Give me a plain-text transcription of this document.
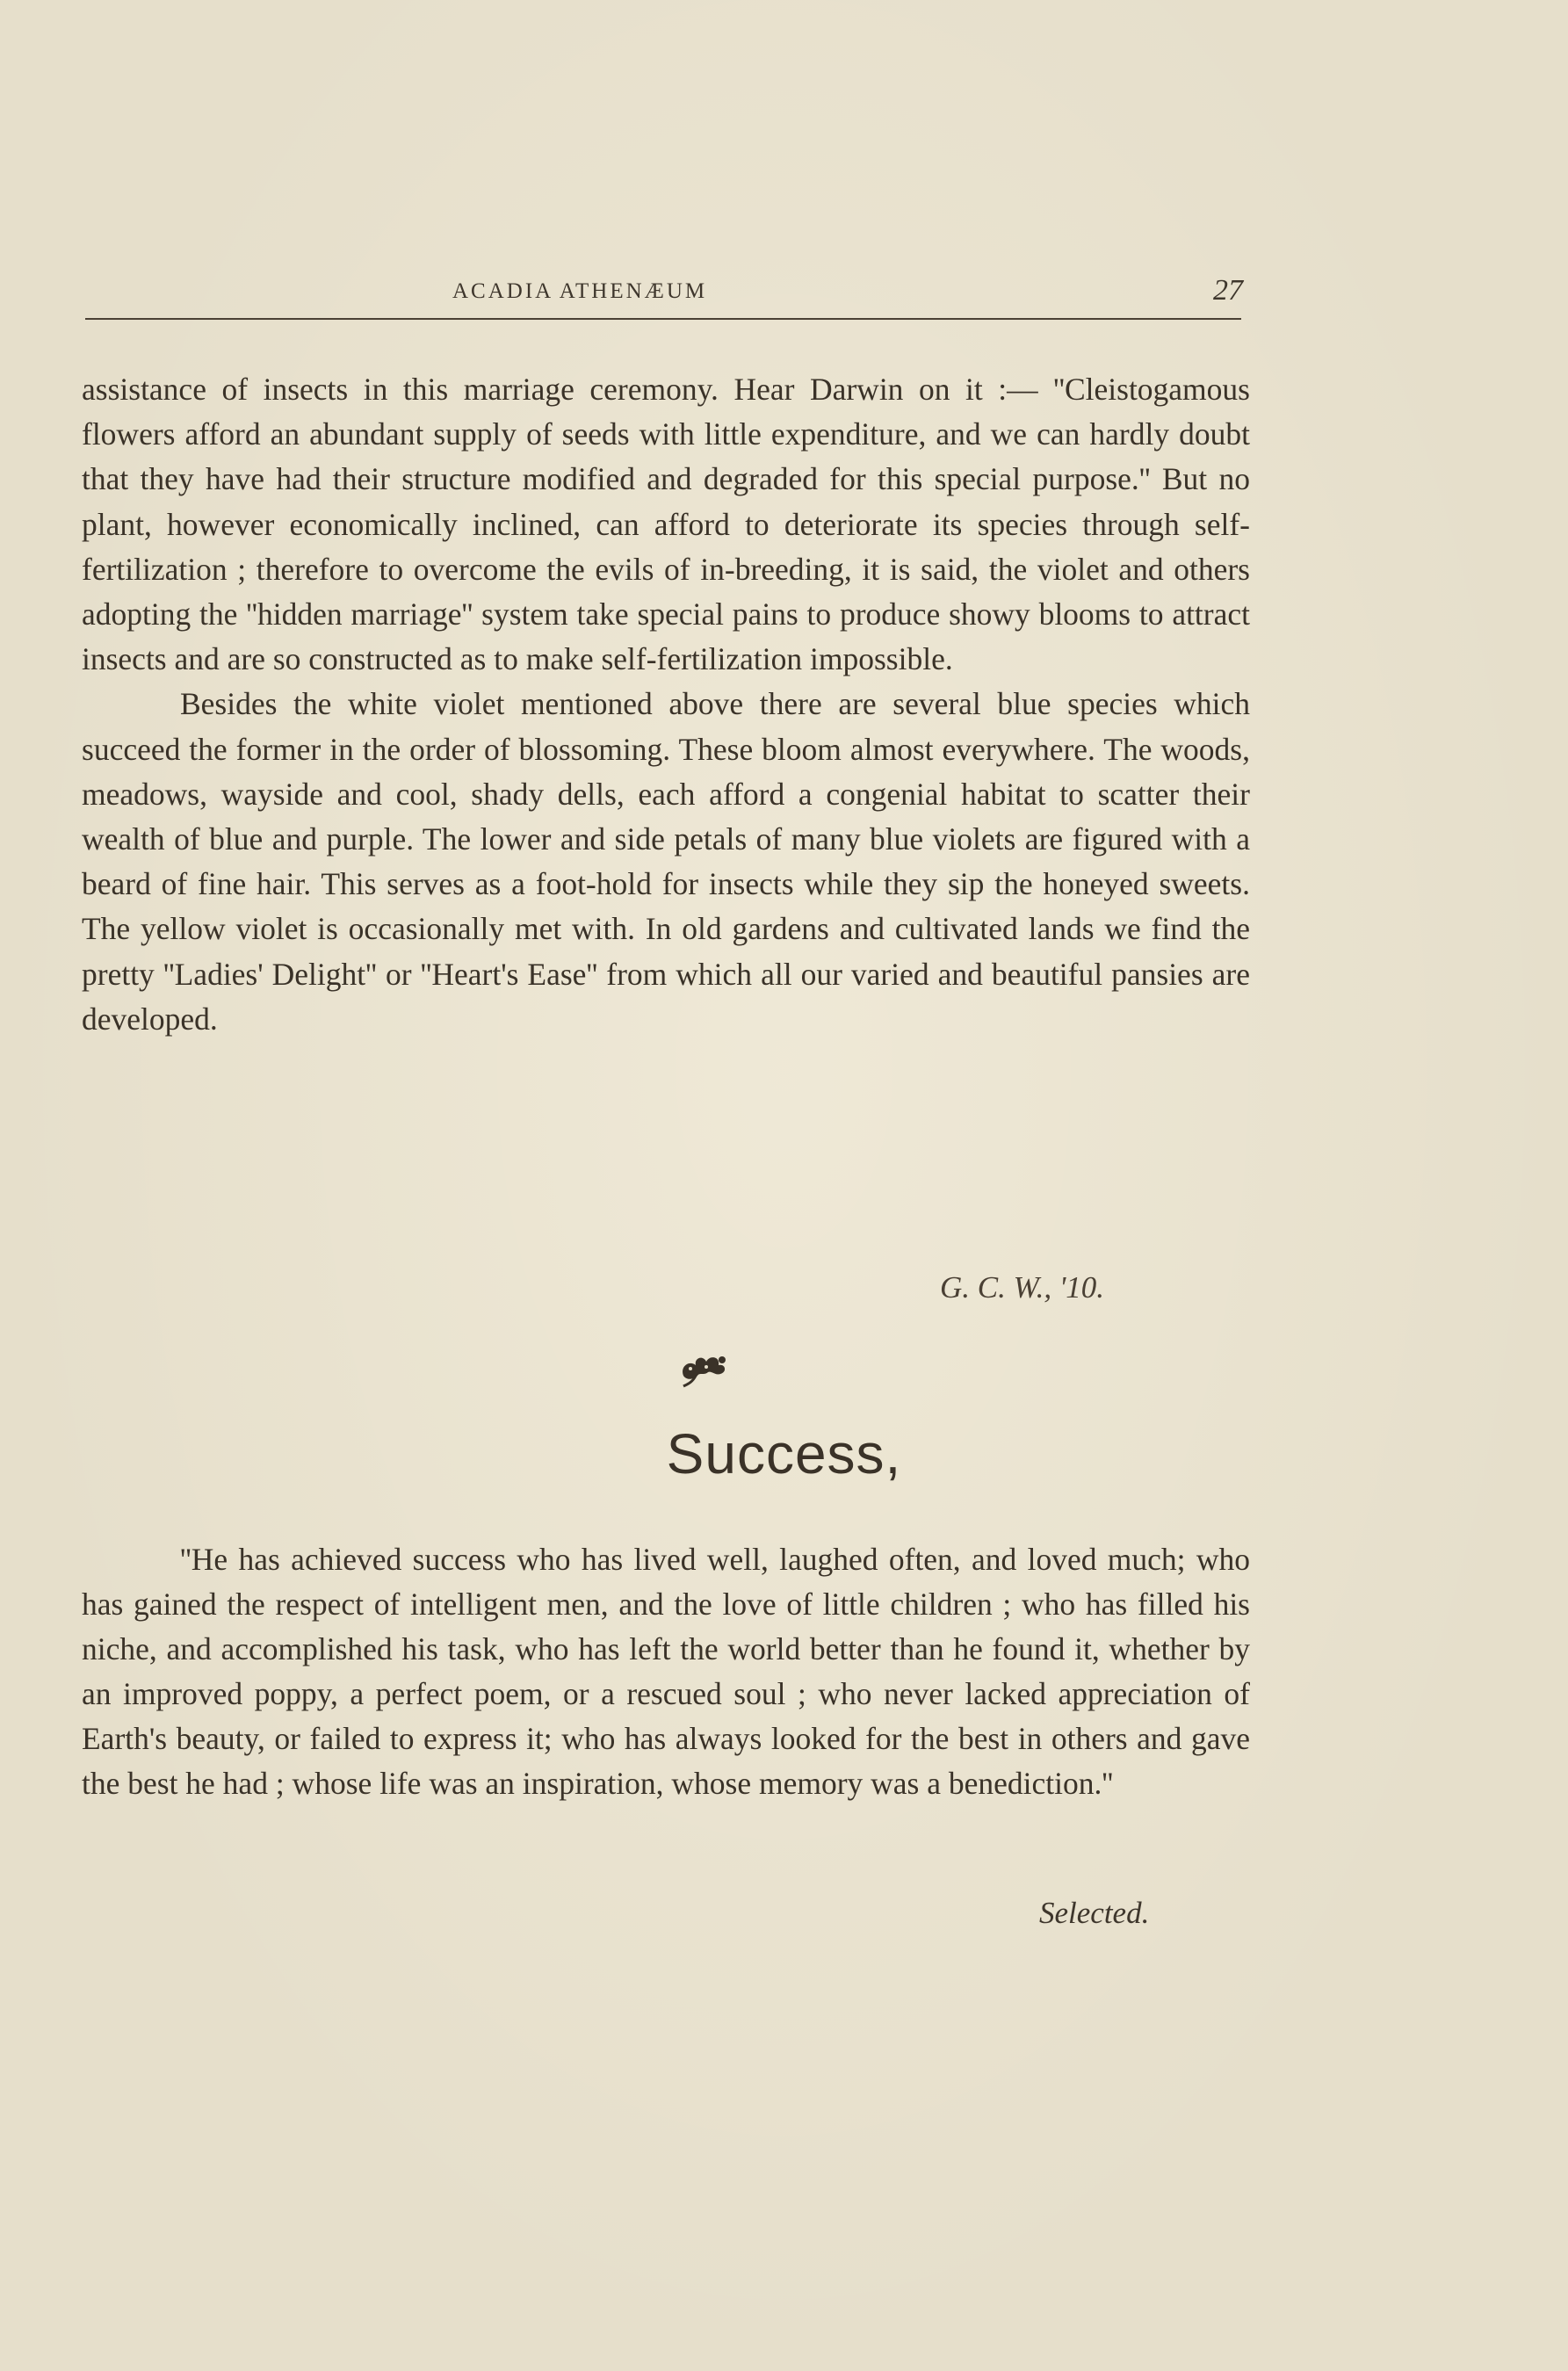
ACADIA ATHENÆUM	27

assistance of insects in this marriage ceremony. Hear Darwin on it :— ''Cleistogamous flowers afford an abundant supply of seeds with little expenditure, and we can hardly doubt that they have had their structure modified and degraded for this special purpose.'' But no plant, however economically inclined, can afford to deteriorate its species through self-fertilization ; therefore to overcome the evils of in-breeding, it is said, the violet and others adopting the ''hidden marriage'' system take special pains to produce showy blooms to attract insects and are so constructed as to make self-fertilization impossible.

Besides the white violet mentioned above there are several blue species which succeed the former in the order of blossoming. These bloom almost everywhere. The woods, meadows, wayside and cool, shady dells, each afford a congenial habitat to scatter their wealth of blue and purple. The lower and side petals of many blue violets are figured with a beard of fine hair. This serves as a foot-hold for insects while they sip the honeyed sweets. The yellow violet is occasionally met with. In old gardens and cultivated lands we find the pretty ''Ladies' Delight'' or ''Heart's Ease'' from which all our varied and beautiful pansies are developed.

G. C. W., '10.
Success,

''He has achieved success who has lived well, laughed often, and loved much; who has gained the respect of intelligent men, and the love of little children ; who has filled his niche, and accomplished his task, who has left the world better than he found it, whether by an improved poppy, a perfect poem, or a rescued soul ; who never lacked appreciation of Earth's beauty, or failed to express it; who has always looked for the best in others and gave the best he had ; whose life was an inspiration, whose memory was a benediction.''

Selected.
